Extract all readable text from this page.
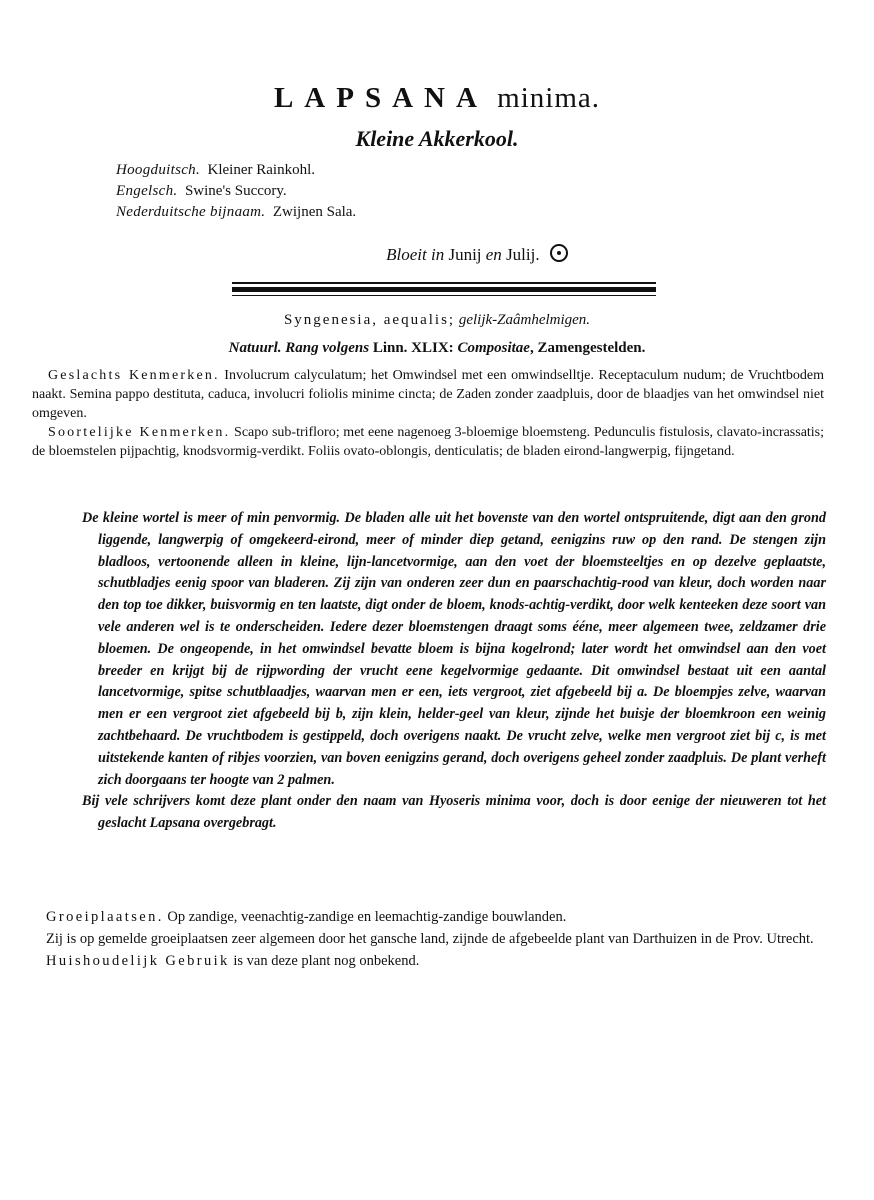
LAPSANA minima.
Kleine Akkerkool.
Hoogduitsch. Kleiner Rainkohl.
Engelsch. Swine's Succory.
Nederduitsche bijnaam. Zwijnen Sala.
Bloeit in Junij en Julij.
Syngenesia, aequalis; gelijk-Zaâmhelmigen.
Natuurl. Rang volgens Linn. XLIX: Compositae, Zamengestelden.

Geslachts Kenmerken. Involucrum calyculatum; het Omwindsel met een omwindselltje. Receptaculum nudum; de Vruchtbodem naakt. Semina pappo destituta, caduca, involucri foliolis minime cincta; de Zaden zonder zaadpluis, door de blaadjes van het omwindsel niet omgeven.

Soortelijke Kenmerken. Scapo sub-trifloro; met eene nagenoeg 3-bloemige bloemsteng. Pedunculis fistulosis, clavato-incrassatis; de bloemstelen pijpachtig, knodsvormig-verdikt. Foliis ovato-oblongis, denticulatis; de bladen eirond-langwerpig, fijngetand.

De kleine wortel is meer of min penvormig. De bladen alle uit het bovenste van den wortel ontspruitende, digt aan den grond liggende, langwerpig of omgekeerd-eirond, meer of minder diep getand, eenigzins ruw op den rand. De stengen zijn bladloos, vertoonende alleen in kleine, lijn-lancetvormige, aan den voet der bloemsteeltjes en op dezelve geplaatste, schutbladjes eenig spoor van bladeren. Zij zijn van onderen zeer dun en paarschachtig-rood van kleur, doch worden naar den top toe dikker, buisvormig en ten laatste, digt onder de bloem, knods-achtig-verdikt, door welk kenteeken deze soort van vele anderen wel is te onderscheiden. Iedere dezer bloemstengen draagt soms ééne, meer algemeen twee, zeldzamer drie bloemen. De ongeopende, in het omwindsel bevatte bloem is bijna kogelrond; later wordt het omwindsel aan den voet breeder en krijgt bij de rijpwording der vrucht eene kegelvormige gedaante. Dit omwindsel bestaat uit een aantal lancetvormige, spitse schutblaadjes, waarvan men er een, iets vergroot, ziet afgebeeld bij a. De bloempjes zelve, waarvan men er een vergroot ziet afgebeeld bij b, zijn klein, helder-geel van kleur, zijnde het buisje der bloemkroon een weinig zachtbehaard. De vruchtbodem is gestippeld, doch overigens naakt. De vrucht zelve, welke men vergroot ziet bij c, is met uitstekende kanten of ribjes voorzien, van boven eenigzins gerand, doch overigens geheel zonder zaadpluis. De plant verheft zich doorgaans ter hoogte van 2 palmen.

Bij vele schrijvers komt deze plant onder den naam van Hyoseris minima voor, doch is door eenige der nieuweren tot het geslacht Lapsana overgebragt.

Groeiplaatsen. Op zandige, veenachtig-zandige en leemachtig-zandige bouwlanden.

Zij is op gemelde groeiplaatsen zeer algemeen door het gansche land, zijnde de afgebeelde plant van Darthuizen in de Prov. Utrecht.

Huishoudelijk Gebruik is van deze plant nog onbekend.
